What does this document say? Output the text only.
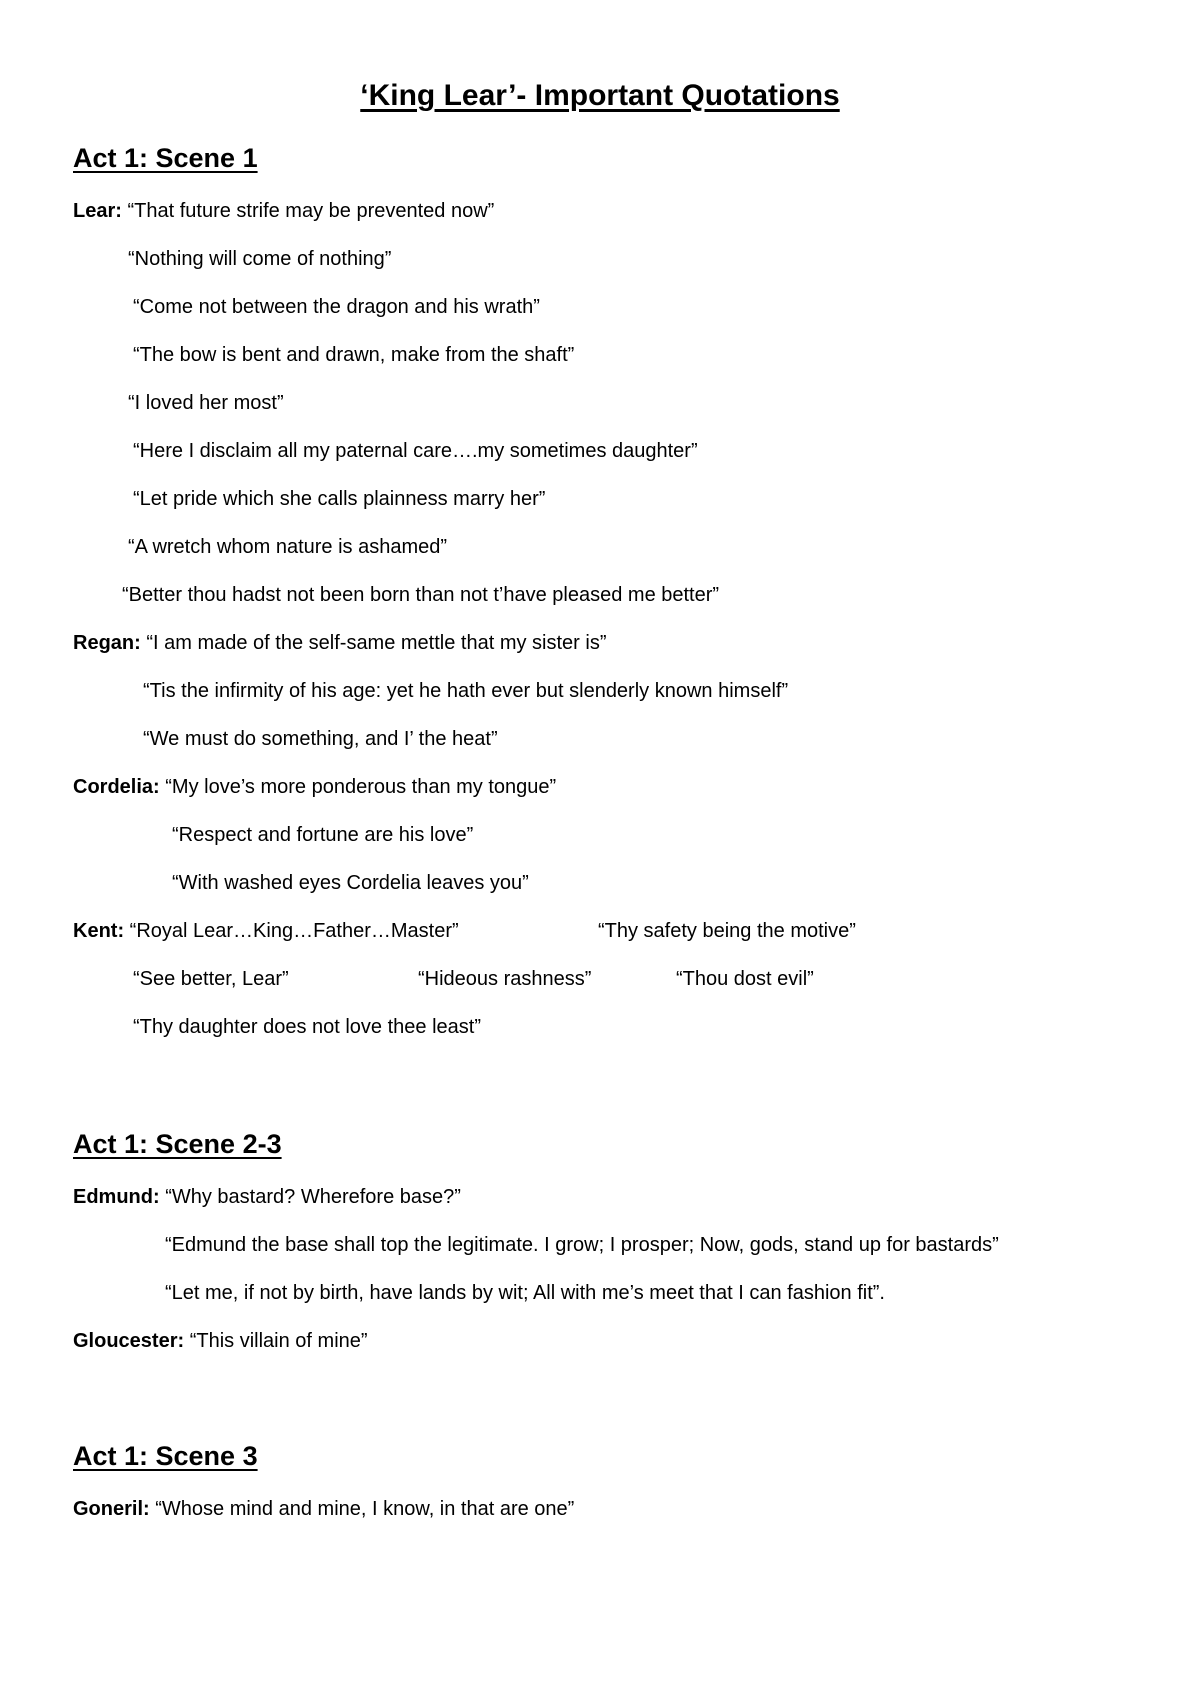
‘King Lear’- Important Quotations
Act 1: Scene 1
Lear: “That future strife may be prevented now”
“Nothing will come of nothing”
“Come not between the dragon and his wrath”
“The bow is bent and drawn, make from the shaft”
“I loved her most”
“Here I disclaim all my paternal care….my sometimes daughter”
“Let pride which she calls plainness marry her”
“A wretch whom nature is ashamed”
“Better thou hadst not been born than not t’have pleased me better”
Regan: “I am made of the self-same mettle that my sister is”
“Tis the infirmity of his age: yet he hath ever but slenderly known himself”
“We must do something, and I’ the heat”
Cordelia: “My love’s more ponderous than my tongue”
“Respect and fortune are his love”
“With washed eyes Cordelia leaves you”
Kent: “Royal Lear…King…Father…Master”	“Thy safety being the motive”
“See better, Lear”	“Hideous rashness”	“Thou dost evil”
“Thy daughter does not love thee least”
Act 1: Scene 2-3
Edmund: “Why bastard? Wherefore base?”
“Edmund the base shall top the legitimate. I grow; I prosper; Now, gods, stand up for bastards”
“Let me, if not by birth, have lands by wit; All with me’s meet that I can fashion fit”.
Gloucester: “This villain of mine”
Act 1: Scene 3
Goneril: “Whose mind and mine, I know, in that are one”
